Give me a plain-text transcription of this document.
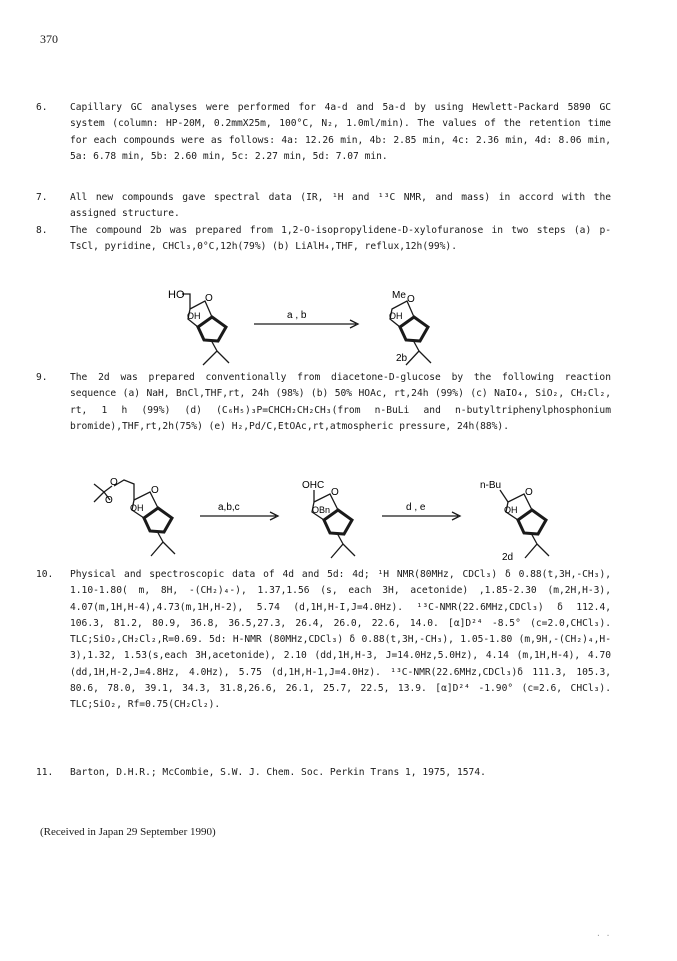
370
6. Capillary GC analyses were performed for 4a-d and 5a-d by using Hewlett-Packard 5890 GC system (column: HP-20M, 0.2mmX25m, 100°C, N₂, 1.0ml/min). The values of the retention time for each compounds were as follows: 4a: 12.26 min, 4b: 2.85 min, 4c: 2.36 min, 4d: 8.06 min, 5a: 6.78 min, 5b: 2.60 min, 5c: 2.27 min, 5d: 7.07 min.
7. All new compounds gave spectral data (IR, ¹H and ¹³C NMR, and mass) in accord with the assigned structure.
8. The compound 2b was prepared from 1,2-O-isopropylidene-D-xylofuranose in two steps (a) p-TsCl, pyridine, CHCl₃,0°C,12h(79%) (b) LiAlH₄,THF, reflux,12h(99%).
HO O
OH	a , b
Me O
OH
2b
9. The 2d was prepared conventionally from diacetone-D-glucose by the following reaction sequence (a) NaH, BnCl,THF,rt, 24h (98%) (b) 50% HOAc, rt,24h (99%) (c) NaIO₄, SiO₂, CH₂Cl₂, rt, 1 h (99%) (d) (C₆H₅)₃P=CHCH₂CH₂CH₃(from n-BuLi and n-butyltriphenylphosphonium bromide),THF,rt,2h(75%) (e) H₂,Pd/C,EtOAc,rt,atmospheric pressure, 24h(88%).
O
O
O
OH	a,b,c
OHC
O
OBn	d , e
n-Bu
O
OH
2d
10. Physical and spectroscopic data of 4d and 5d: 4d; ¹H NMR(80MHz, CDCl₃) δ 0.88(t,3H,-CH₃), 1.10-1.80( m, 8H, -(CH₂)₄-), 1.37,1.56 (s, each 3H, acetonide) ,1.85-2.30 (m,2H,H-3), 4.07(m,1H,H-4),4.73(m,1H,H-2), 5.74 (d,1H,H-I,J=4.0Hz). ¹³C-NMR(22.6MHz,CDCl₃) δ 112.4, 106.3, 81.2, 80.9, 36.8, 36.5,27.3, 26.4, 26.0, 22.6, 14.0. [α]D²⁴ -8.5° (c=2.0,CHCl₃). TLC;SiO₂,CH₂Cl₂,R=0.69. 5d: H-NMR (80MHz,CDCl₃) δ 0.88(t,3H,-CH₃), 1.05-1.80 (m,9H,-(CH₂)₄,H-3),1.32, 1.53(s,each 3H,acetonide), 2.10 (dd,1H,H-3, J=14.0Hz,5.0Hz), 4.14 (m,1H,H-4), 4.70 (dd,1H,H-2,J=4.8Hz, 4.0Hz), 5.75 (d,1H,H-1,J=4.0Hz). ¹³C-NMR(22.6MHz,CDCl₃)δ 111.3, 105.3, 80.6, 78.0, 39.1, 34.3, 31.8,26.6, 26.1, 25.7, 22.5, 13.9. [α]D²⁴ -1.90° (c=2.6, CHCl₃). TLC;SiO₂, Rf=0.75(CH₂Cl₂).
11. Barton, D.H.R.; McCombie, S.W. J. Chem. Soc. Perkin Trans 1, 1975, 1574.
(Received in Japan 29 September 1990)
· ·
